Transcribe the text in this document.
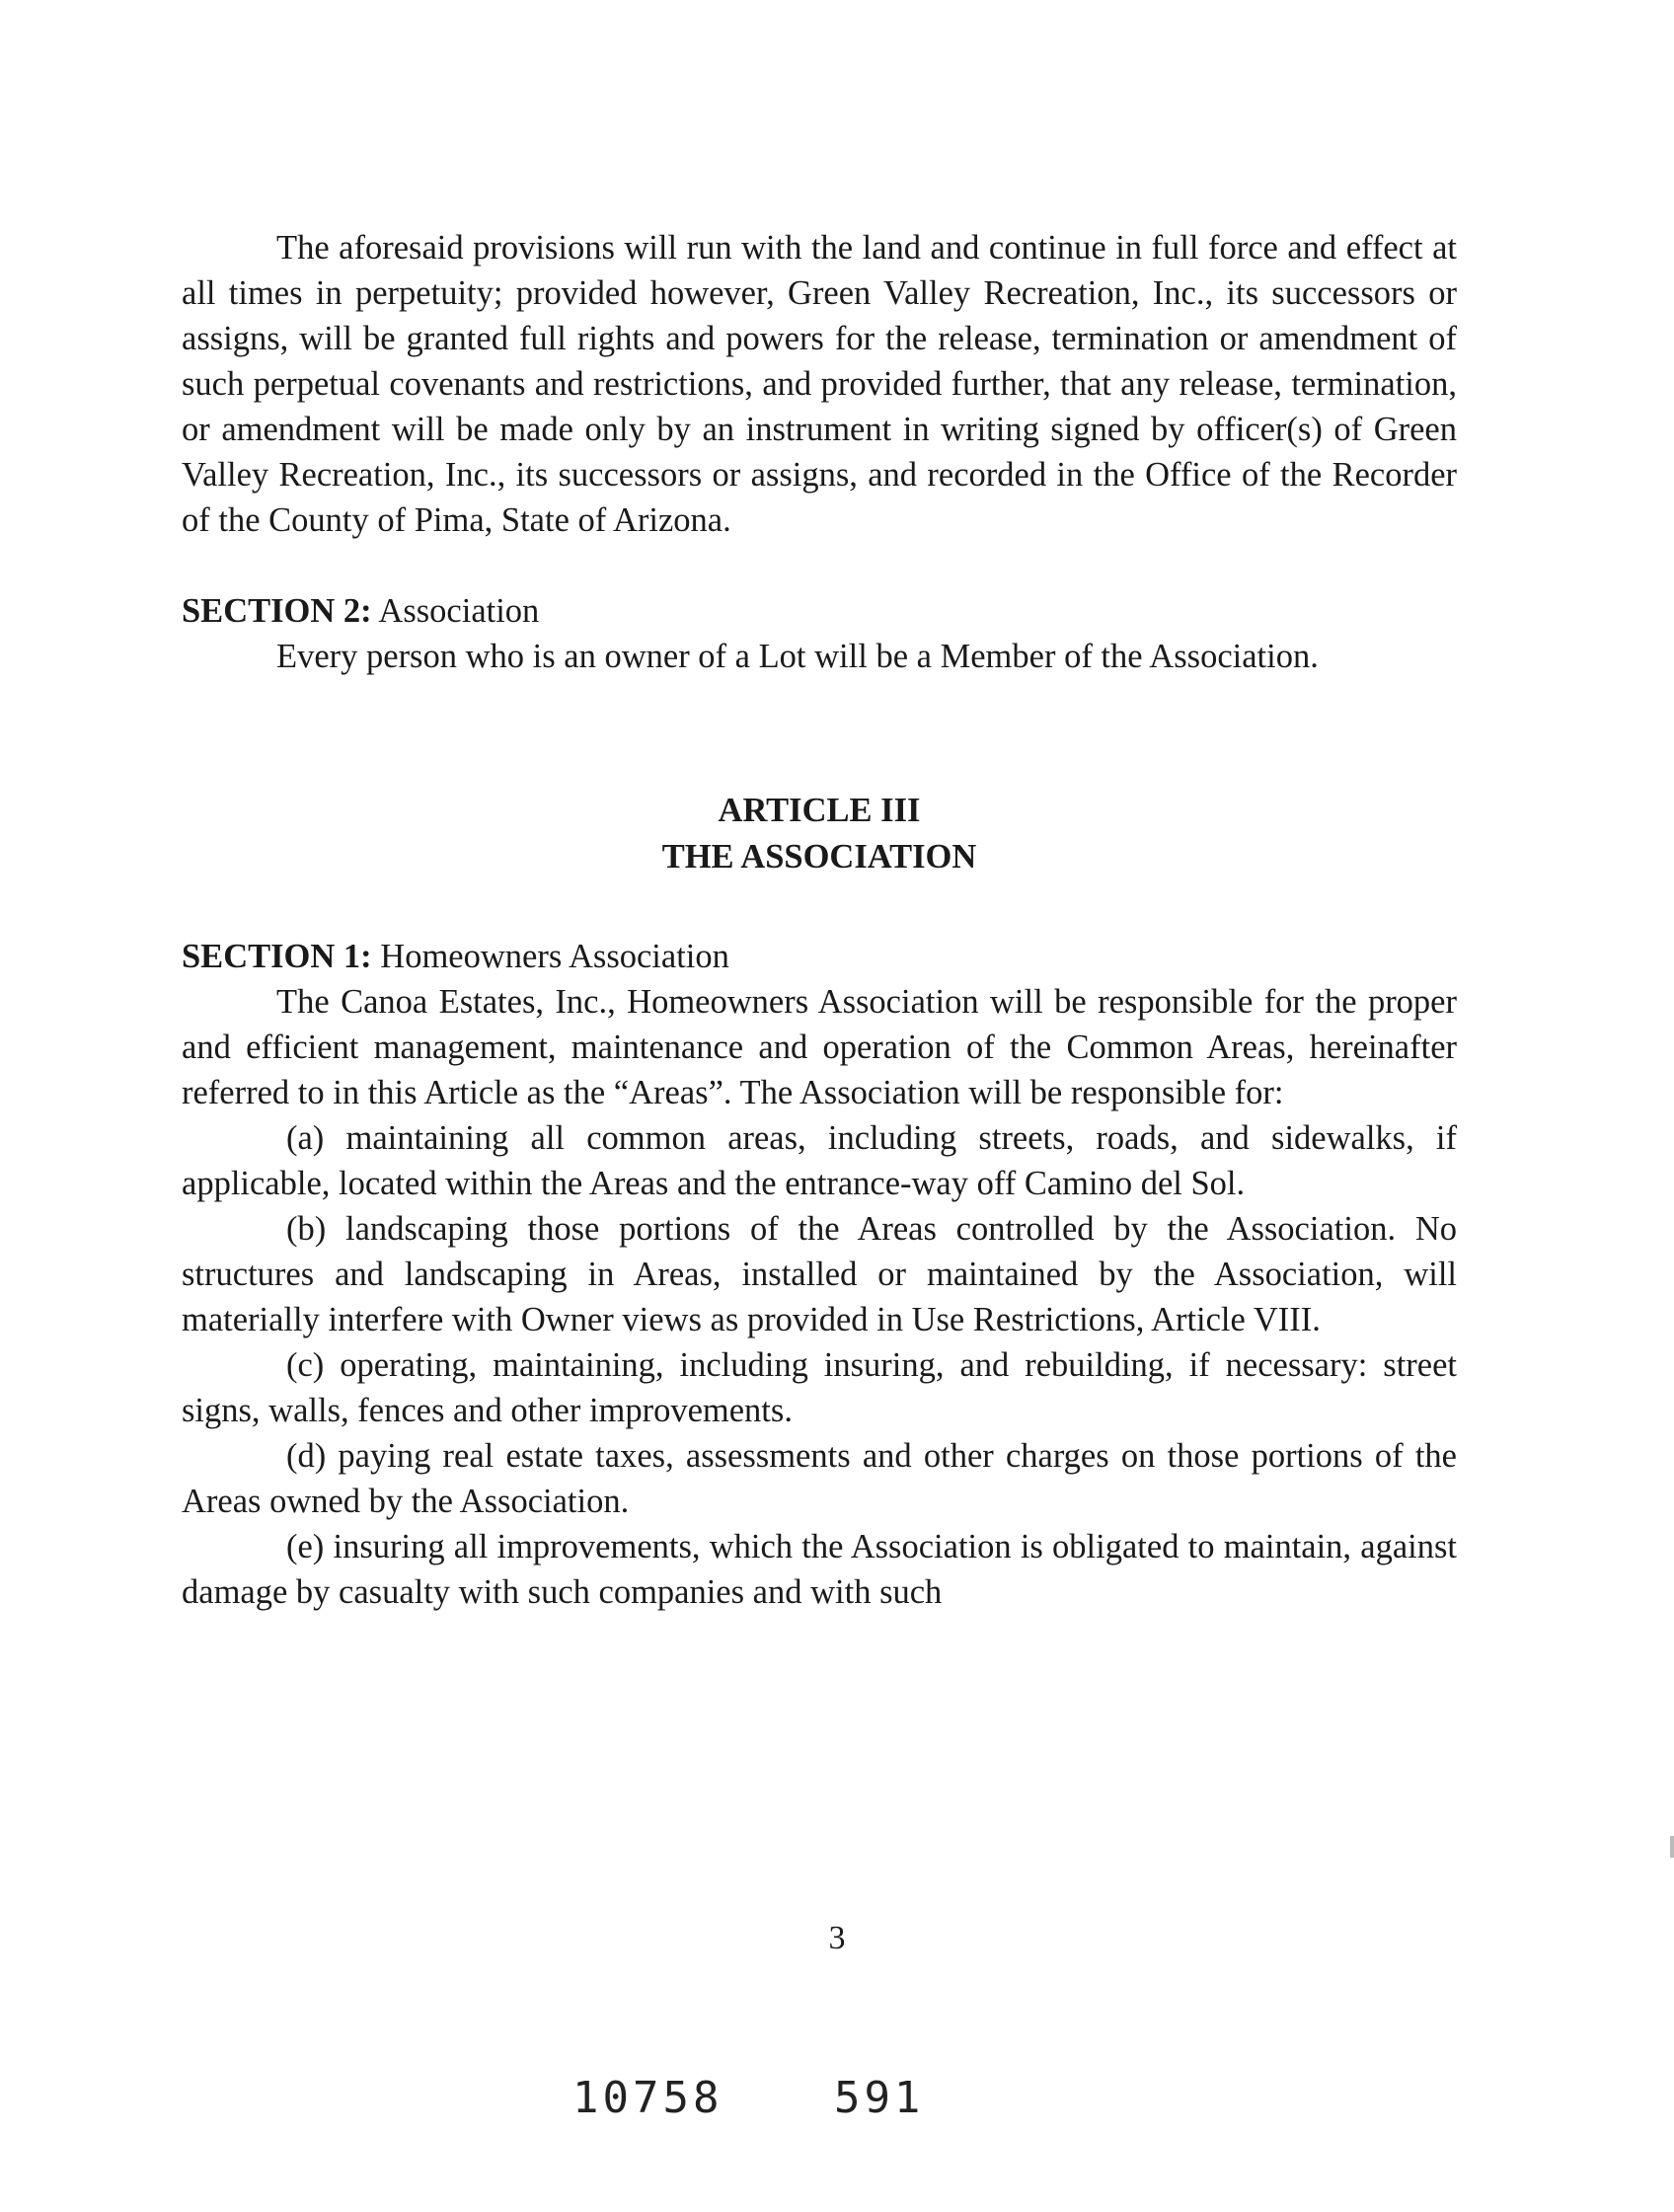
The aforesaid provisions will run with the land and continue in full force and effect at all times in perpetuity; provided however, Green Valley Recreation, Inc., its successors or assigns, will be granted full rights and powers for the release, termination or amendment of such perpetual covenants and restrictions, and provided further, that any release, termination, or amendment will be made only by an instrument in writing signed by officer(s) of Green Valley Recreation, Inc., its successors or assigns, and recorded in the Office of the Recorder of the County of Pima, State of Arizona.

SECTION 2: Association

Every person who is an owner of a Lot will be a Member of the Association.

ARTICLE III
THE ASSOCIATION

SECTION 1: Homeowners Association

The Canoa Estates, Inc., Homeowners Association will be responsible for the proper and efficient management, maintenance and operation of the Common Areas, hereinafter referred to in this Article as the “Areas”. The Association will be responsible for:

(a) maintaining all common areas, including streets, roads, and sidewalks, if applicable, located within the Areas and the entrance-way off Camino del Sol.

(b) landscaping those portions of the Areas controlled by the Association. No structures and landscaping in Areas, installed or maintained by the Association, will materially interfere with Owner views as provided in Use Restrictions, Article VIII.

(c) operating, maintaining, including insuring, and rebuilding, if necessary: street signs, walls, fences and other improvements.

(d) paying real estate taxes, assessments and other charges on those portions of the Areas owned by the Association.

(e) insuring all improvements, which the Association is obligated to maintain, against damage by casualty with such companies and with such

3
10758	591
